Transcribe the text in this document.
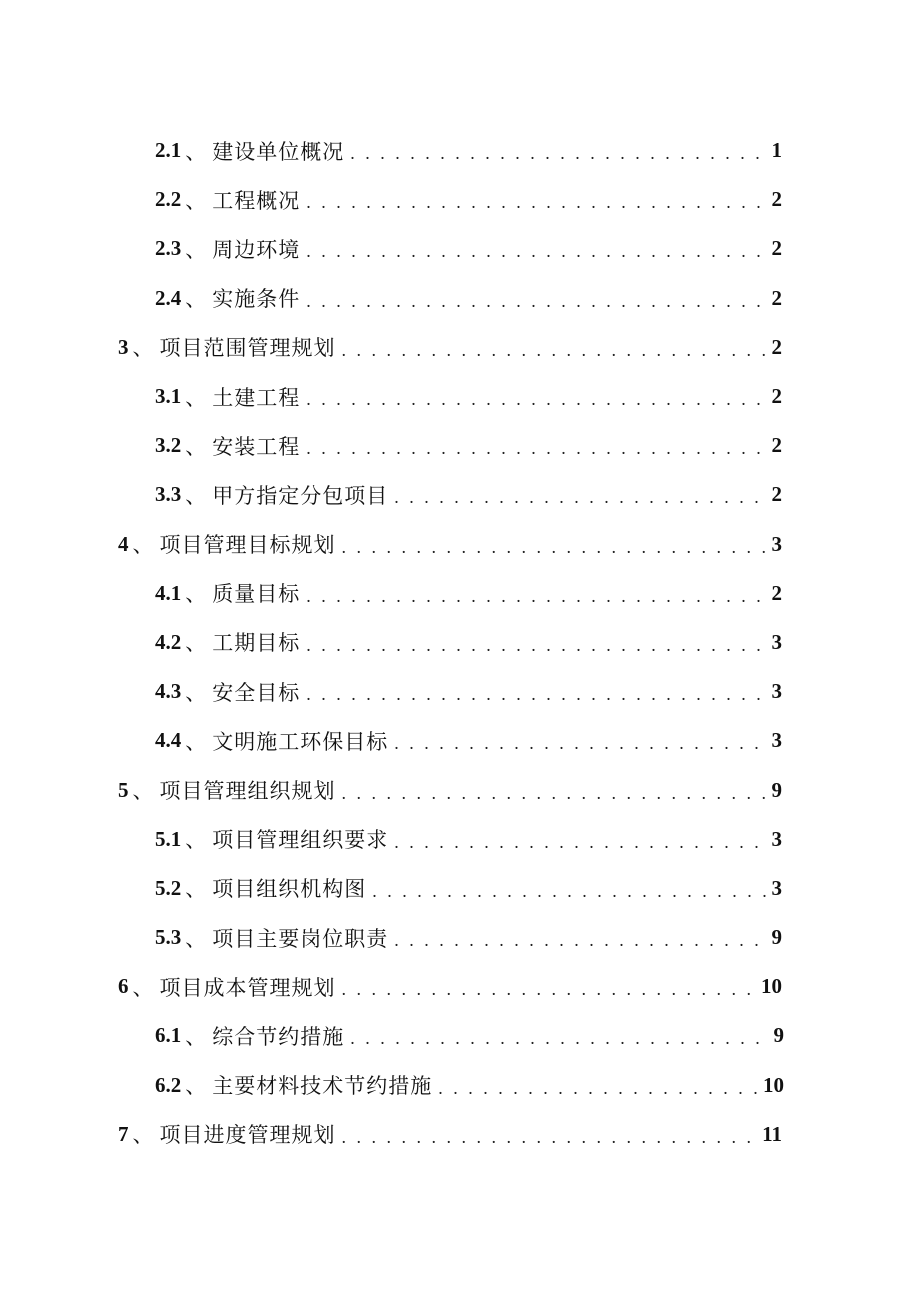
2.1 、 建设单位概况 . . .	1
2.2 、 工程概况 . . .	2
2.3 、 周边环境 . . .	2
2.4 、 实施条件 . . .	2
3 、 项目范围管理规划 . . .	2
3.1 、 土建工程 . . .	2
3.2 、 安装工程 . . .	2
3.3 、 甲方指定分包项目 . . .	2
4 、 项目管理目标规划 . . .	3
4.1 、 质量目标 . . .	2
4.2 、 工期目标 . . .	3
4.3 、 安全目标 . . .	3
4.4 、 文明施工环保目标 . . .	3
5 、 项目管理组织规划 . . .	9
5.1 、 项目管理组织要求 . . .	3
5.2 、 项目组织机构图 . . .	3
5.3 、 项目主要岗位职责 . . .	9
6 、 项目成本管理规划 . . .	10
6.1 、 综合节约措施 . . .	9
6.2 、 主要材料技术节约措施 . . .	10
7 、 项目进度管理规划 . . .	11
